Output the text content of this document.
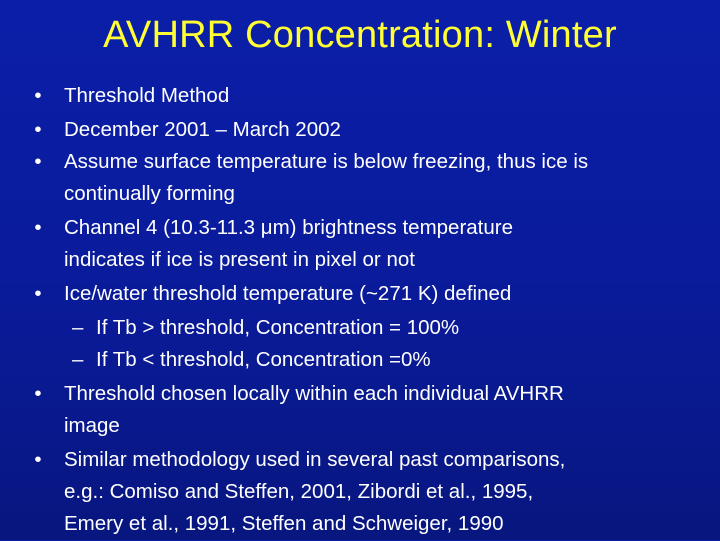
AVHRR Concentration: Winter
• Threshold Method
• December 2001 – March 2002
• Assume surface temperature is below freezing, thus ice is
continually forming
• Channel 4 (10.3-11.3 μm) brightness temperature
indicates if ice is present in pixel or not
• Ice/water threshold temperature (~271 K) defined
– If Tb > threshold, Concentration = 100%
– If Tb < threshold, Concentration =0%
• Threshold chosen locally within each individual AVHRR
image
• Similar methodology used in several past comparisons,
e.g.: Comiso and Steffen, 2001, Zibordi et al., 1995,
Emery et al., 1991, Steffen and Schweiger, 1990
